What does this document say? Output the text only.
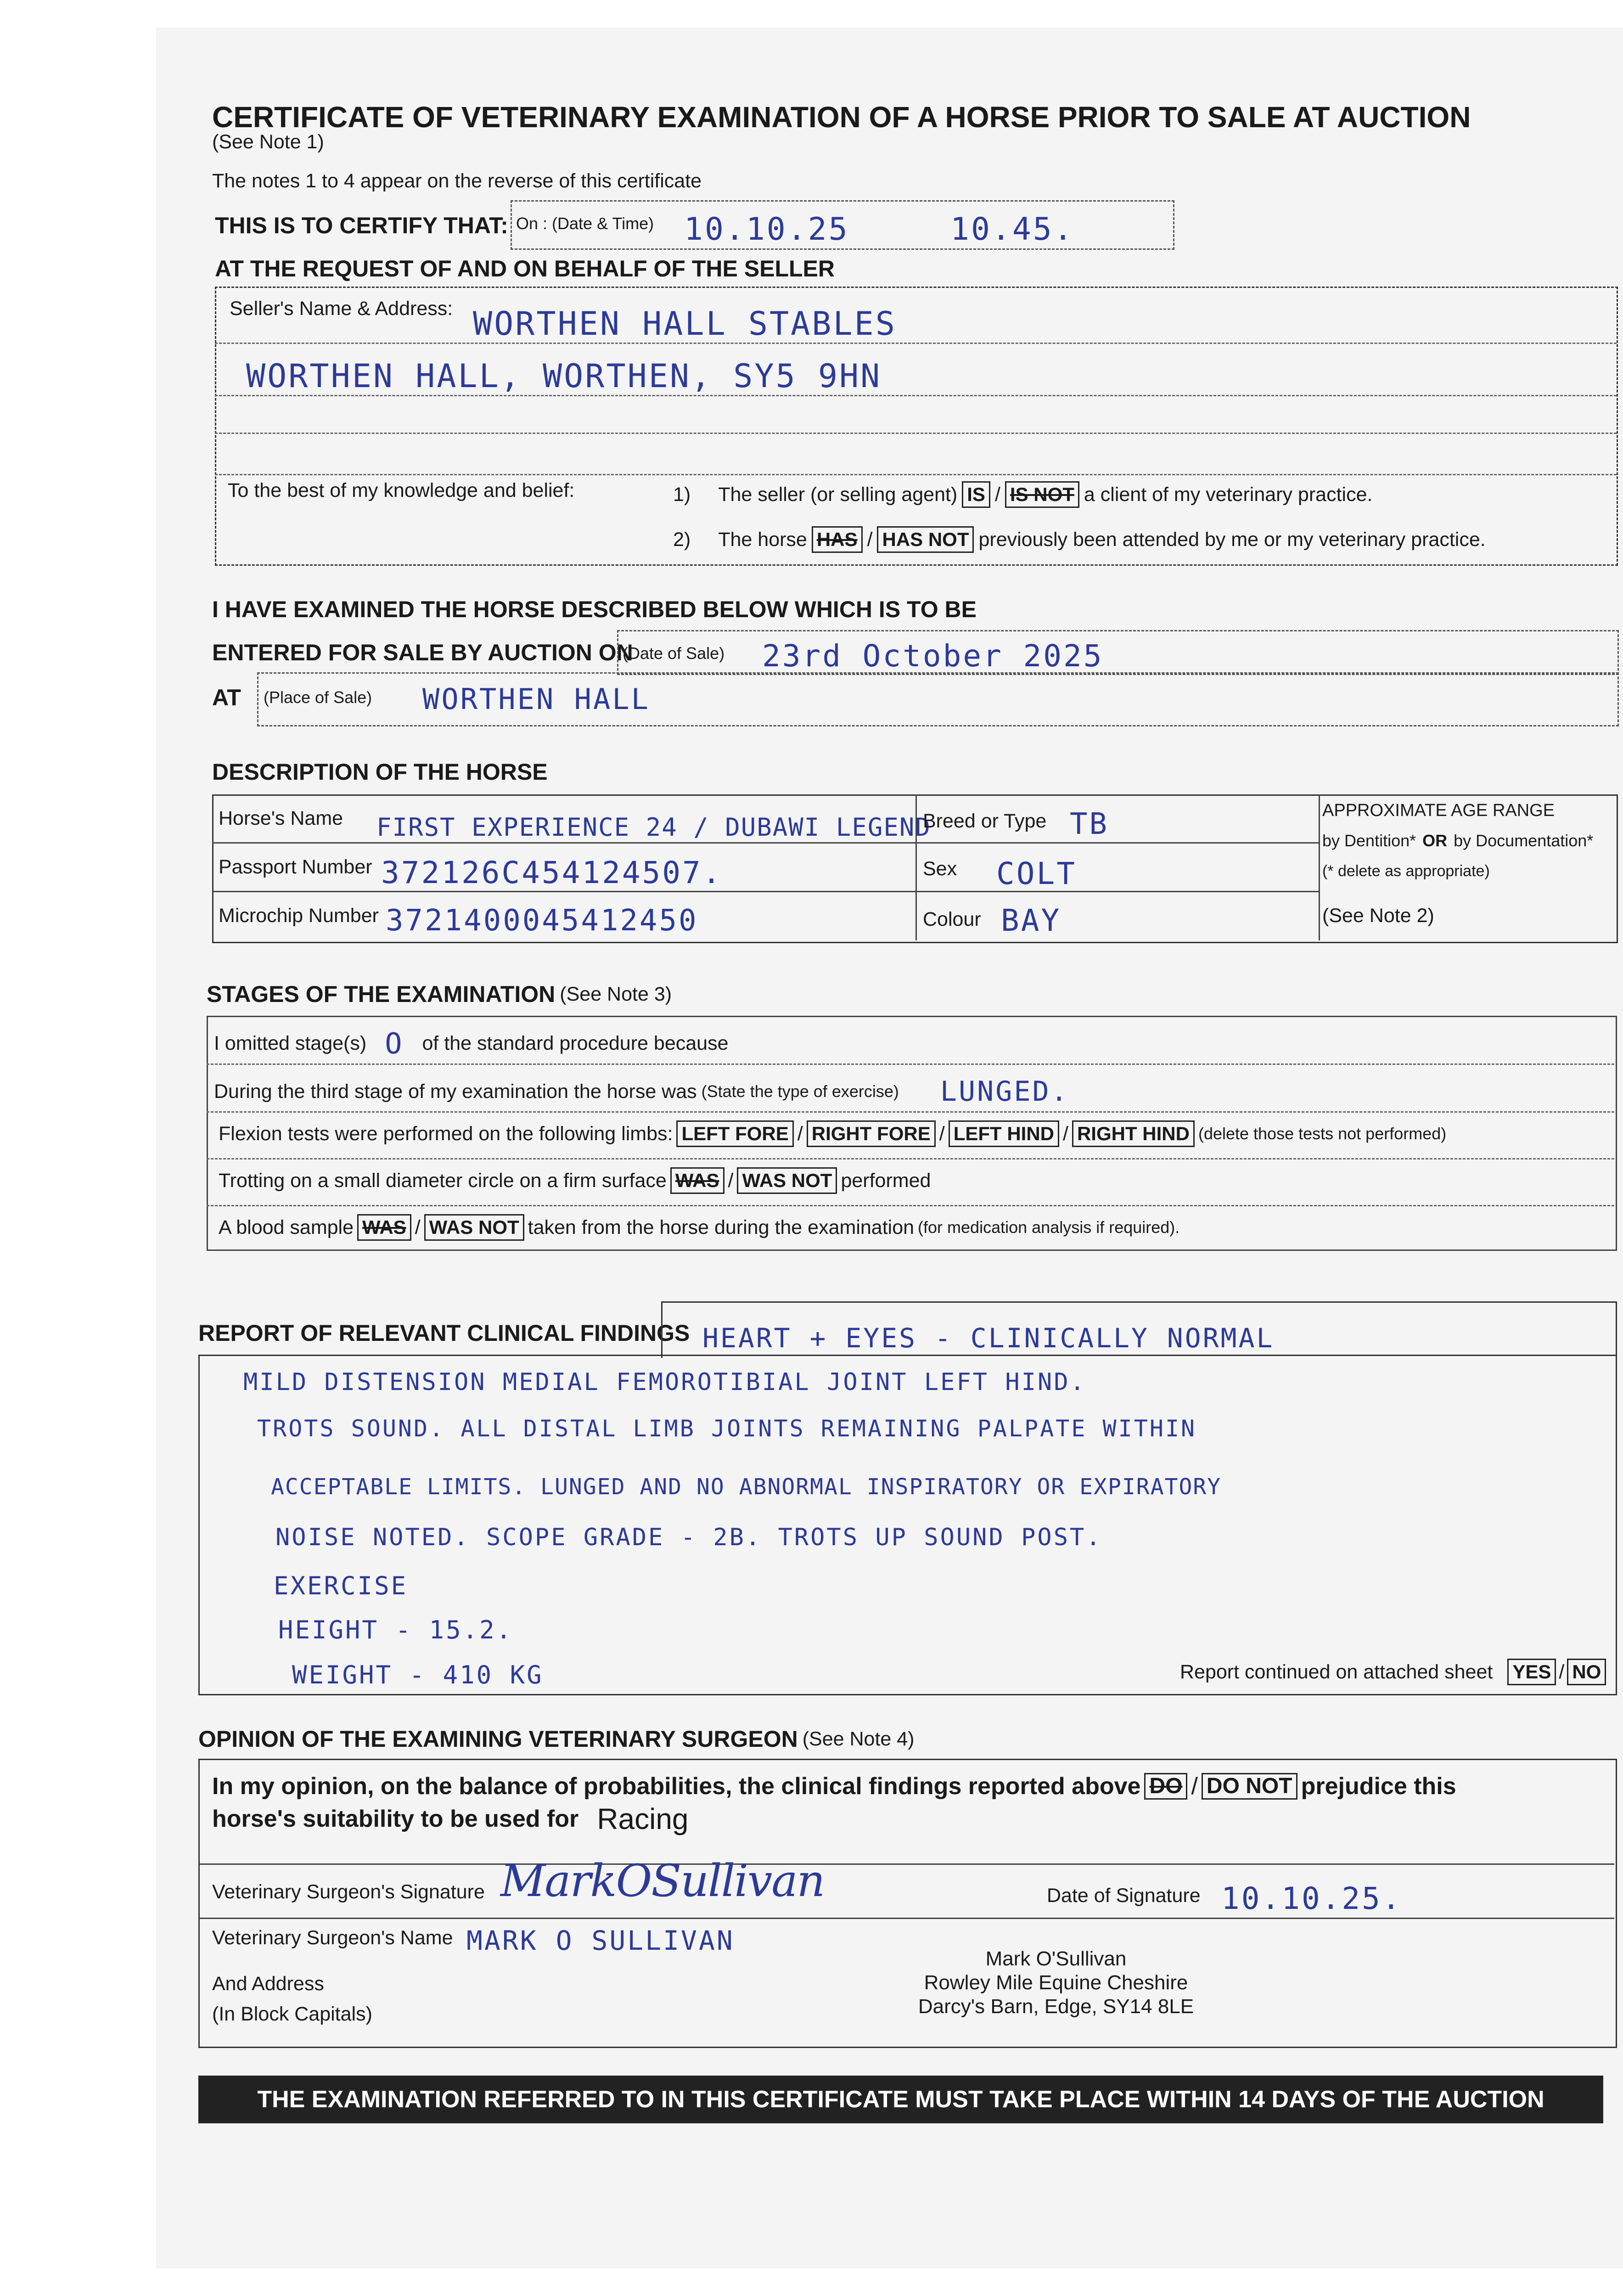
CERTIFICATE OF VETERINARY EXAMINATION OF A HORSE PRIOR TO SALE AT AUCTION
(See Note 1)
The notes 1 to 4 appear on the reverse of this certificate
THIS IS TO CERTIFY THAT: On : (Date & Time) 10.10.25	10.45.
AT THE REQUEST OF AND ON BEHALF OF THE SELLER
Seller's Name & Address: WORTHEN HALL STABLES
WORTHEN HALL, WORTHEN, SY5 9HN
To the best of my knowledge and belief:	1) The seller (or selling agent) IS / IS NOT a client of my veterinary practice.
2) The horse HAS / HAS NOT previously been attended by me or my veterinary practice.
I HAVE EXAMINED THE HORSE DESCRIBED BELOW WHICH IS TO BE
ENTERED FOR SALE BY AUCTION ON
(Date of Sale) 23rd October 2025
AT (Place of Sale) WORTHEN HALL
DESCRIPTION OF THE HORSE
Horse's Name FIRST EXPERIENCE 24 / DUBAWI LEGEND
Passport Number 372126C454124507.
Microchip Number 372140004541245​0
Breed or Type TB
Sex COLT
Colour BAY
APPROXIMATE AGE RANGE
by Dentition* OR by Documentation*
(* delete as appropriate)
(See Note 2)
STAGES OF THE EXAMINATION (See Note 3)
I omitted stage(s) O of the standard procedure because
During the third stage of my examination the horse was (State the type of exercise) LUNGED.
Flexion tests were performed on the following limbs: LEFT FORE / RIGHT FORE / LEFT HIND / RIGHT HIND (delete those tests not performed)
Trotting on a small diameter circle on a firm surface WAS / WAS NOT performed
A blood sample WAS / WAS NOT taken from the horse during the examination (for medication analysis if required).
REPORT OF RELEVANT CLINICAL FINDINGS HEART + EYES - CLINICALLY NORMAL
MILD DISTENSION MEDIAL FEMOROTIBIAL JOINT LEFT HIND.
TROTS SOUND. ALL DISTAL LIMB JOINTS REMAINING PALPATE WITHIN
ACCEPTABLE LIMITS. LUNGED AND NO ABNORMAL INSPIRATORY OR EXPIRATORY
NOISE NOTED. SCOPE GRADE - 2B. TROTS UP SOUND POST.
EXERCISE
HEIGHT - 15.2.
WEIGHT - 410 KG	Report continued on attached sheet YES / NO
OPINION OF THE EXAMINING VETERINARY SURGEON (See Note 4)
In my opinion, on the balance of probabilities, the clinical findings reported above DO / DO NOT prejudice this
horse's suitability to be used for Racing
Veterinary Surgeon's Signature MarkOSullivan	Date of Signature 10.10.25.
Veterinary Surgeon's Name MARK O SULLIVAN
And Address
(In Block Capitals)
Mark O'Sullivan
Rowley Mile Equine Cheshire
Darcy's Barn, Edge, SY14 8LE
THE EXAMINATION REFERRED TO IN THIS CERTIFICATE MUST TAKE PLACE WITHIN 14 DAYS OF THE AUCTION
